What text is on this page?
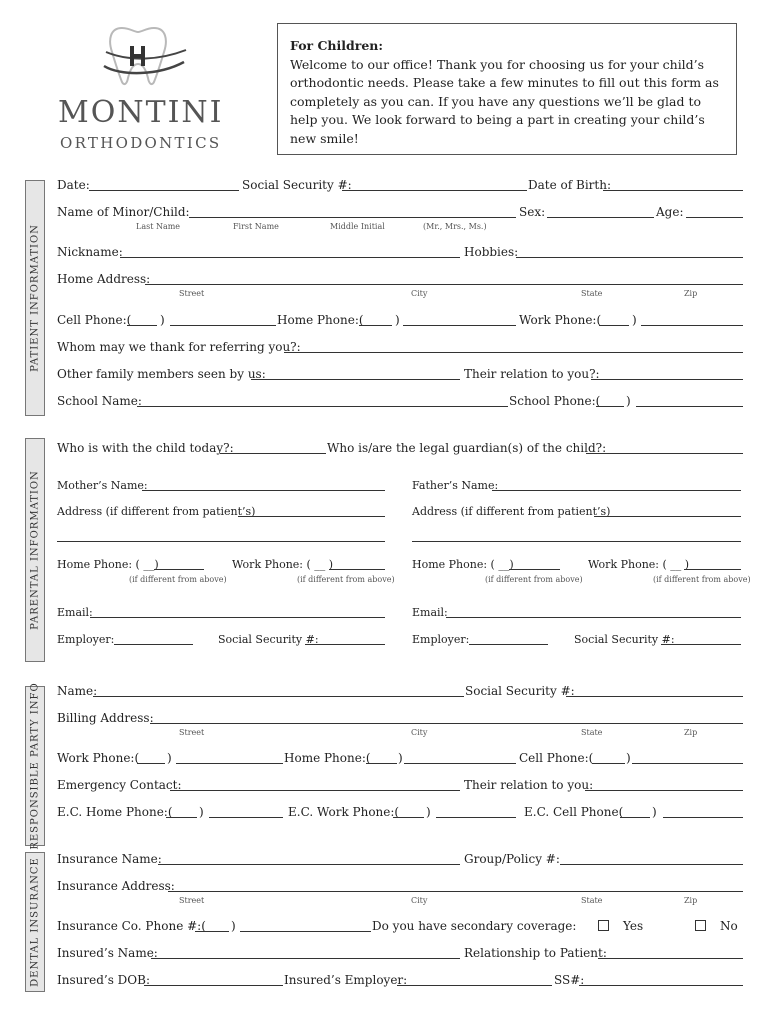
MONTINI
ORTHODONTICS
For Children:
Welcome to our office! Thank you for choosing us for your child’s orthodontic needs. Please take a few minutes to fill out this form as completely as you can. If you have any questions we’ll be glad to help you. We look forward to being a part in creating your child’s new smile!
PATIENT INFORMATION
PARENTAL INFORMATION
RESPONSIBLE PARTY INFO
DENTAL INSURANCE
Date:	Social Security #:	Date of Birth:
Name of Minor/Child:	Sex:	Age:
Last Name	First Name	Middle Initial	(Mr., Mrs., Ms.)
Nickname:	Hobbies:
Home Address:
Street	City	State	Zip
Cell Phone:( )	Home Phone:(	)	Work Phone:(	)
Whom may we thank for referring you?:
Other family members seen by us:	Their relation to you?:
School Name:	School Phone:( )
Who is with the child today?:	Who is/are the legal guardian(s) of the child?:
Mother’s Name:	Father’s Name:
Address (if different from patient’s)	Address (if different from patient’s)
Home Phone: ( __)	Work Phone: ( __ )	Home Phone: ( __)	Work Phone: ( __ )
(if different from above)	(if different from above)	(if different from above)	(if different from above)
Email:	Email:
Employer:	Social Security #:	Employer:	Social Security #:
Name:	Social Security #:
Billing Address:
Street	City	State	Zip
Work Phone:( )	Home Phone:( )	Cell Phone:(	)
Emergency Contact:	Their relation to you:
E.C. Home Phone:( )	E.C. Work Phone:( )	E.C. Cell Phone( )
Insurance Name:	Group/Policy #:
Insurance Address:
Street	City	State	Zip
Insurance Co. Phone #:( )	Do you have secondary coverage:	Yes	No
Insured’s Name:	Relationship to Patient:
Insured’s DOB:	Insured’s Employer:	SS#:
